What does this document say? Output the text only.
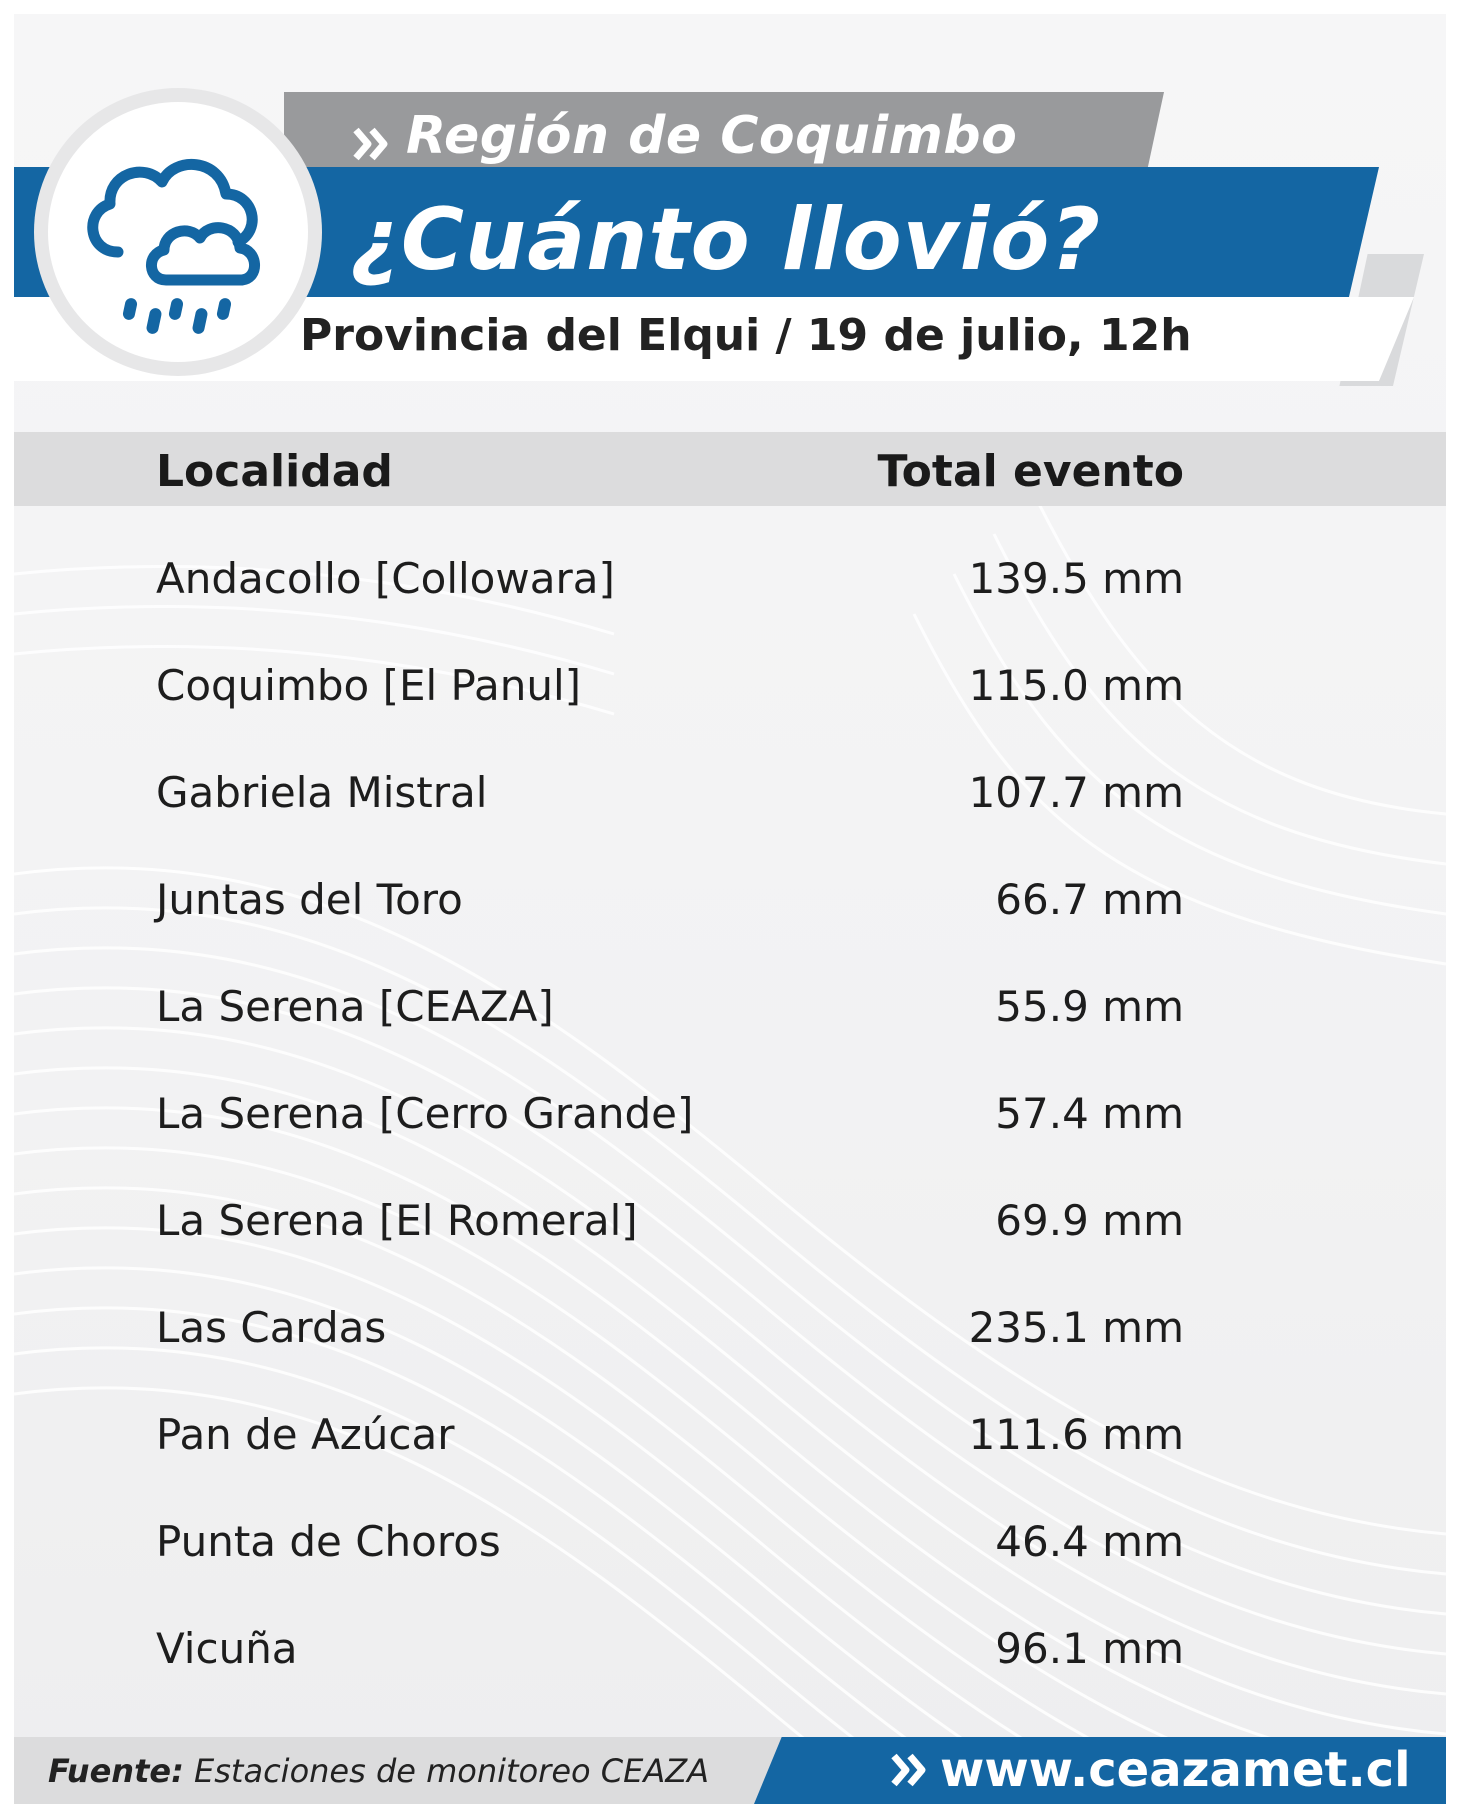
Región de Coquimbo
¿Cuánto llovió?
Provincia del Elqui / 19 de julio, 12h
Localidad	Total evento
Andacollo [Collowara]	139.5 mm
Coquimbo [El Panul]	115.0 mm
Gabriela Mistral	107.7 mm
Juntas del Toro	66.7 mm
La Serena [CEAZA]	55.9 mm
La Serena [Cerro Grande]	57.4 mm
La Serena [El Romeral]	69.9 mm
Las Cardas	235.1 mm
Pan de Azúcar	111.6 mm
Punta de Choros	46.4 mm
Vicuña	96.1 mm
Fuente: Estaciones de monitoreo CEAZA	www.ceazamet.cl
